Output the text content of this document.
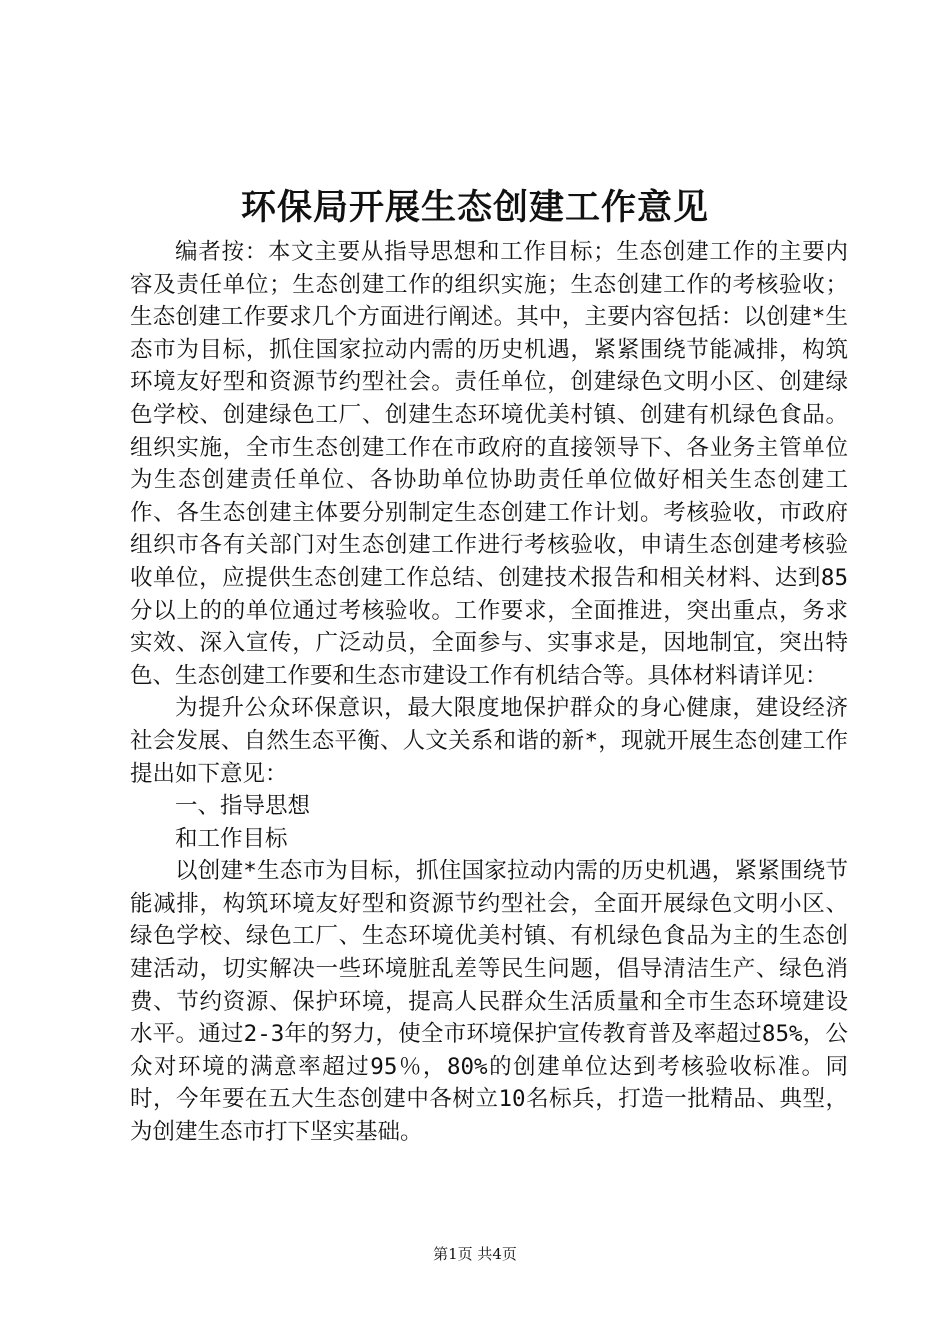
环保局开展生态创建工作意见

编者按：本文主要从指导思想和工作目标；生态创建工作的主要内容及责任单位；生态创建工作的组织实施；生态创建工作的考核验收；生态创建工作要求几个方面进行阐述。其中，主要内容包括：以创建*生态市为目标，抓住国家拉动内需的历史机遇，紧紧围绕节能减排，构筑环境友好型和资源节约型社会。责任单位，创建绿色文明小区、创建绿色学校、创建绿色工厂、创建生态环境优美村镇、创建有机绿色食品。组织实施，全市生态创建工作在市政府的直接领导下、各业务主管单位为生态创建责任单位、各协助单位协助责任单位做好相关生态创建工作、各生态创建主体要分别制定生态创建工作计划。考核验收，市政府组织市各有关部门对生态创建工作进行考核验收，申请生态创建考核验收单位，应提供生态创建工作总结、创建技术报告和相关材料、达到85分以上的的单位通过考核验收。工作要求，全面推进，突出重点，务求实效、深入宣传，广泛动员，全面参与、实事求是，因地制宜，突出特色、生态创建工作要和生态市建设工作有机结合等。具体材料请详见：

为提升公众环保意识，最大限度地保护群众的身心健康，建设经济社会发展、自然生态平衡、人文关系和谐的新*，现就开展生态创建工作提出如下意见：

一、指导思想

和工作目标

以创建*生态市为目标，抓住国家拉动内需的历史机遇，紧紧围绕节能减排，构筑环境友好型和资源节约型社会，全面开展绿色文明小区、绿色学校、绿色工厂、生态环境优美村镇、有机绿色食品为主的生态创建活动，切实解决一些环境脏乱差等民生问题，倡导清洁生产、绿色消费、节约资源、保护环境，提高人民群众生活质量和全市生态环境建设水平。通过2-3年的努力，使全市环境保护宣传教育普及率超过85%，公众对环境的满意率超过95％，80%的创建单位达到考核验收标准。同时，今年要在五大生态创建中各树立10名标兵，打造一批精品、典型，为创建生态市打下坚实基础。

第1页 共4页
